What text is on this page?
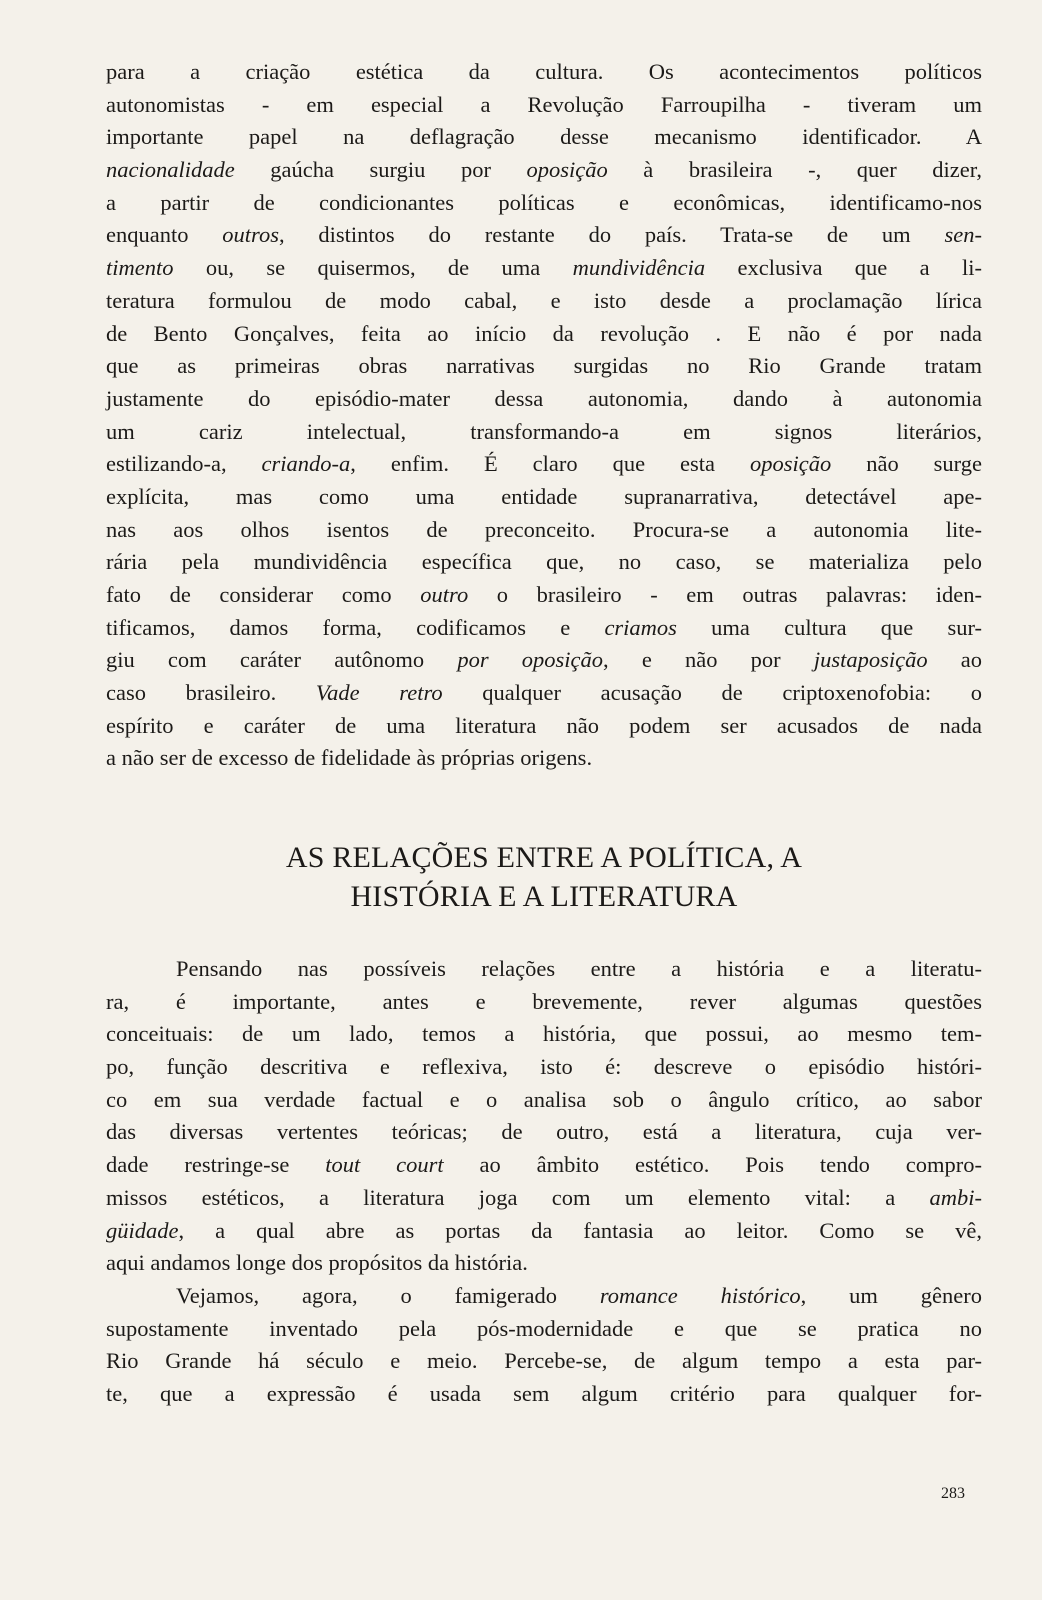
para a criação estética da cultura. Os acontecimentos políticos
autonomistas - em especial a Revolução Farroupilha - tiveram um
importante papel na deflagração desse mecanismo identificador. A
nacionalidade gaúcha surgiu por oposição à brasileira -, quer dizer,
a partir de condicionantes políticas e econômicas, identificamo-nos
enquanto outros, distintos do restante do país. Trata-se de um sen-
timento ou, se quisermos, de uma mundividência exclusiva que a li-
teratura formulou de modo cabal, e isto desde a proclamação lírica
de Bento Gonçalves, feita ao início da revolução . E não é por nada
que as primeiras obras narrativas surgidas no Rio Grande tratam
justamente do episódio-mater dessa autonomia, dando à autonomia
um cariz intelectual, transformando-a em signos literários,
estilizando-a, criando-a, enfim. É claro que esta oposição não surge
explícita, mas como uma entidade supranarrativa, detectável ape-
nas aos olhos isentos de preconceito. Procura-se a autonomia lite-
rária pela mundividência específica que, no caso, se materializa pelo
fato de considerar como outro o brasileiro - em outras palavras: iden-
tificamos, damos forma, codificamos e criamos uma cultura que sur-
giu com caráter autônomo por oposição, e não por justaposição ao
caso brasileiro. Vade retro qualquer acusação de criptoxenofobia: o
espírito e caráter de uma literatura não podem ser acusados de nada
a não ser de excesso de fidelidade às próprias origens.
AS RELAÇÕES ENTRE A POLÍTICA, A
HISTÓRIA E A LITERATURA
Pensando nas possíveis relações entre a história e a literatu-
ra, é importante, antes e brevemente, rever algumas questões
conceituais: de um lado, temos a história, que possui, ao mesmo tem-
po, função descritiva e reflexiva, isto é: descreve o episódio históri-
co em sua verdade factual e o analisa sob o ângulo crítico, ao sabor
das diversas vertentes teóricas; de outro, está a literatura, cuja ver-
dade restringe-se tout court ao âmbito estético. Pois tendo compro-
missos estéticos, a literatura joga com um elemento vital: a ambi-
güidade, a qual abre as portas da fantasia ao leitor. Como se vê,
aqui andamos longe dos propósitos da história.
Vejamos, agora, o famigerado romance histórico, um gênero
supostamente inventado pela pós-modernidade e que se pratica no
Rio Grande há século e meio. Percebe-se, de algum tempo a esta par-
te, que a expressão é usada sem algum critério para qualquer for-
283
